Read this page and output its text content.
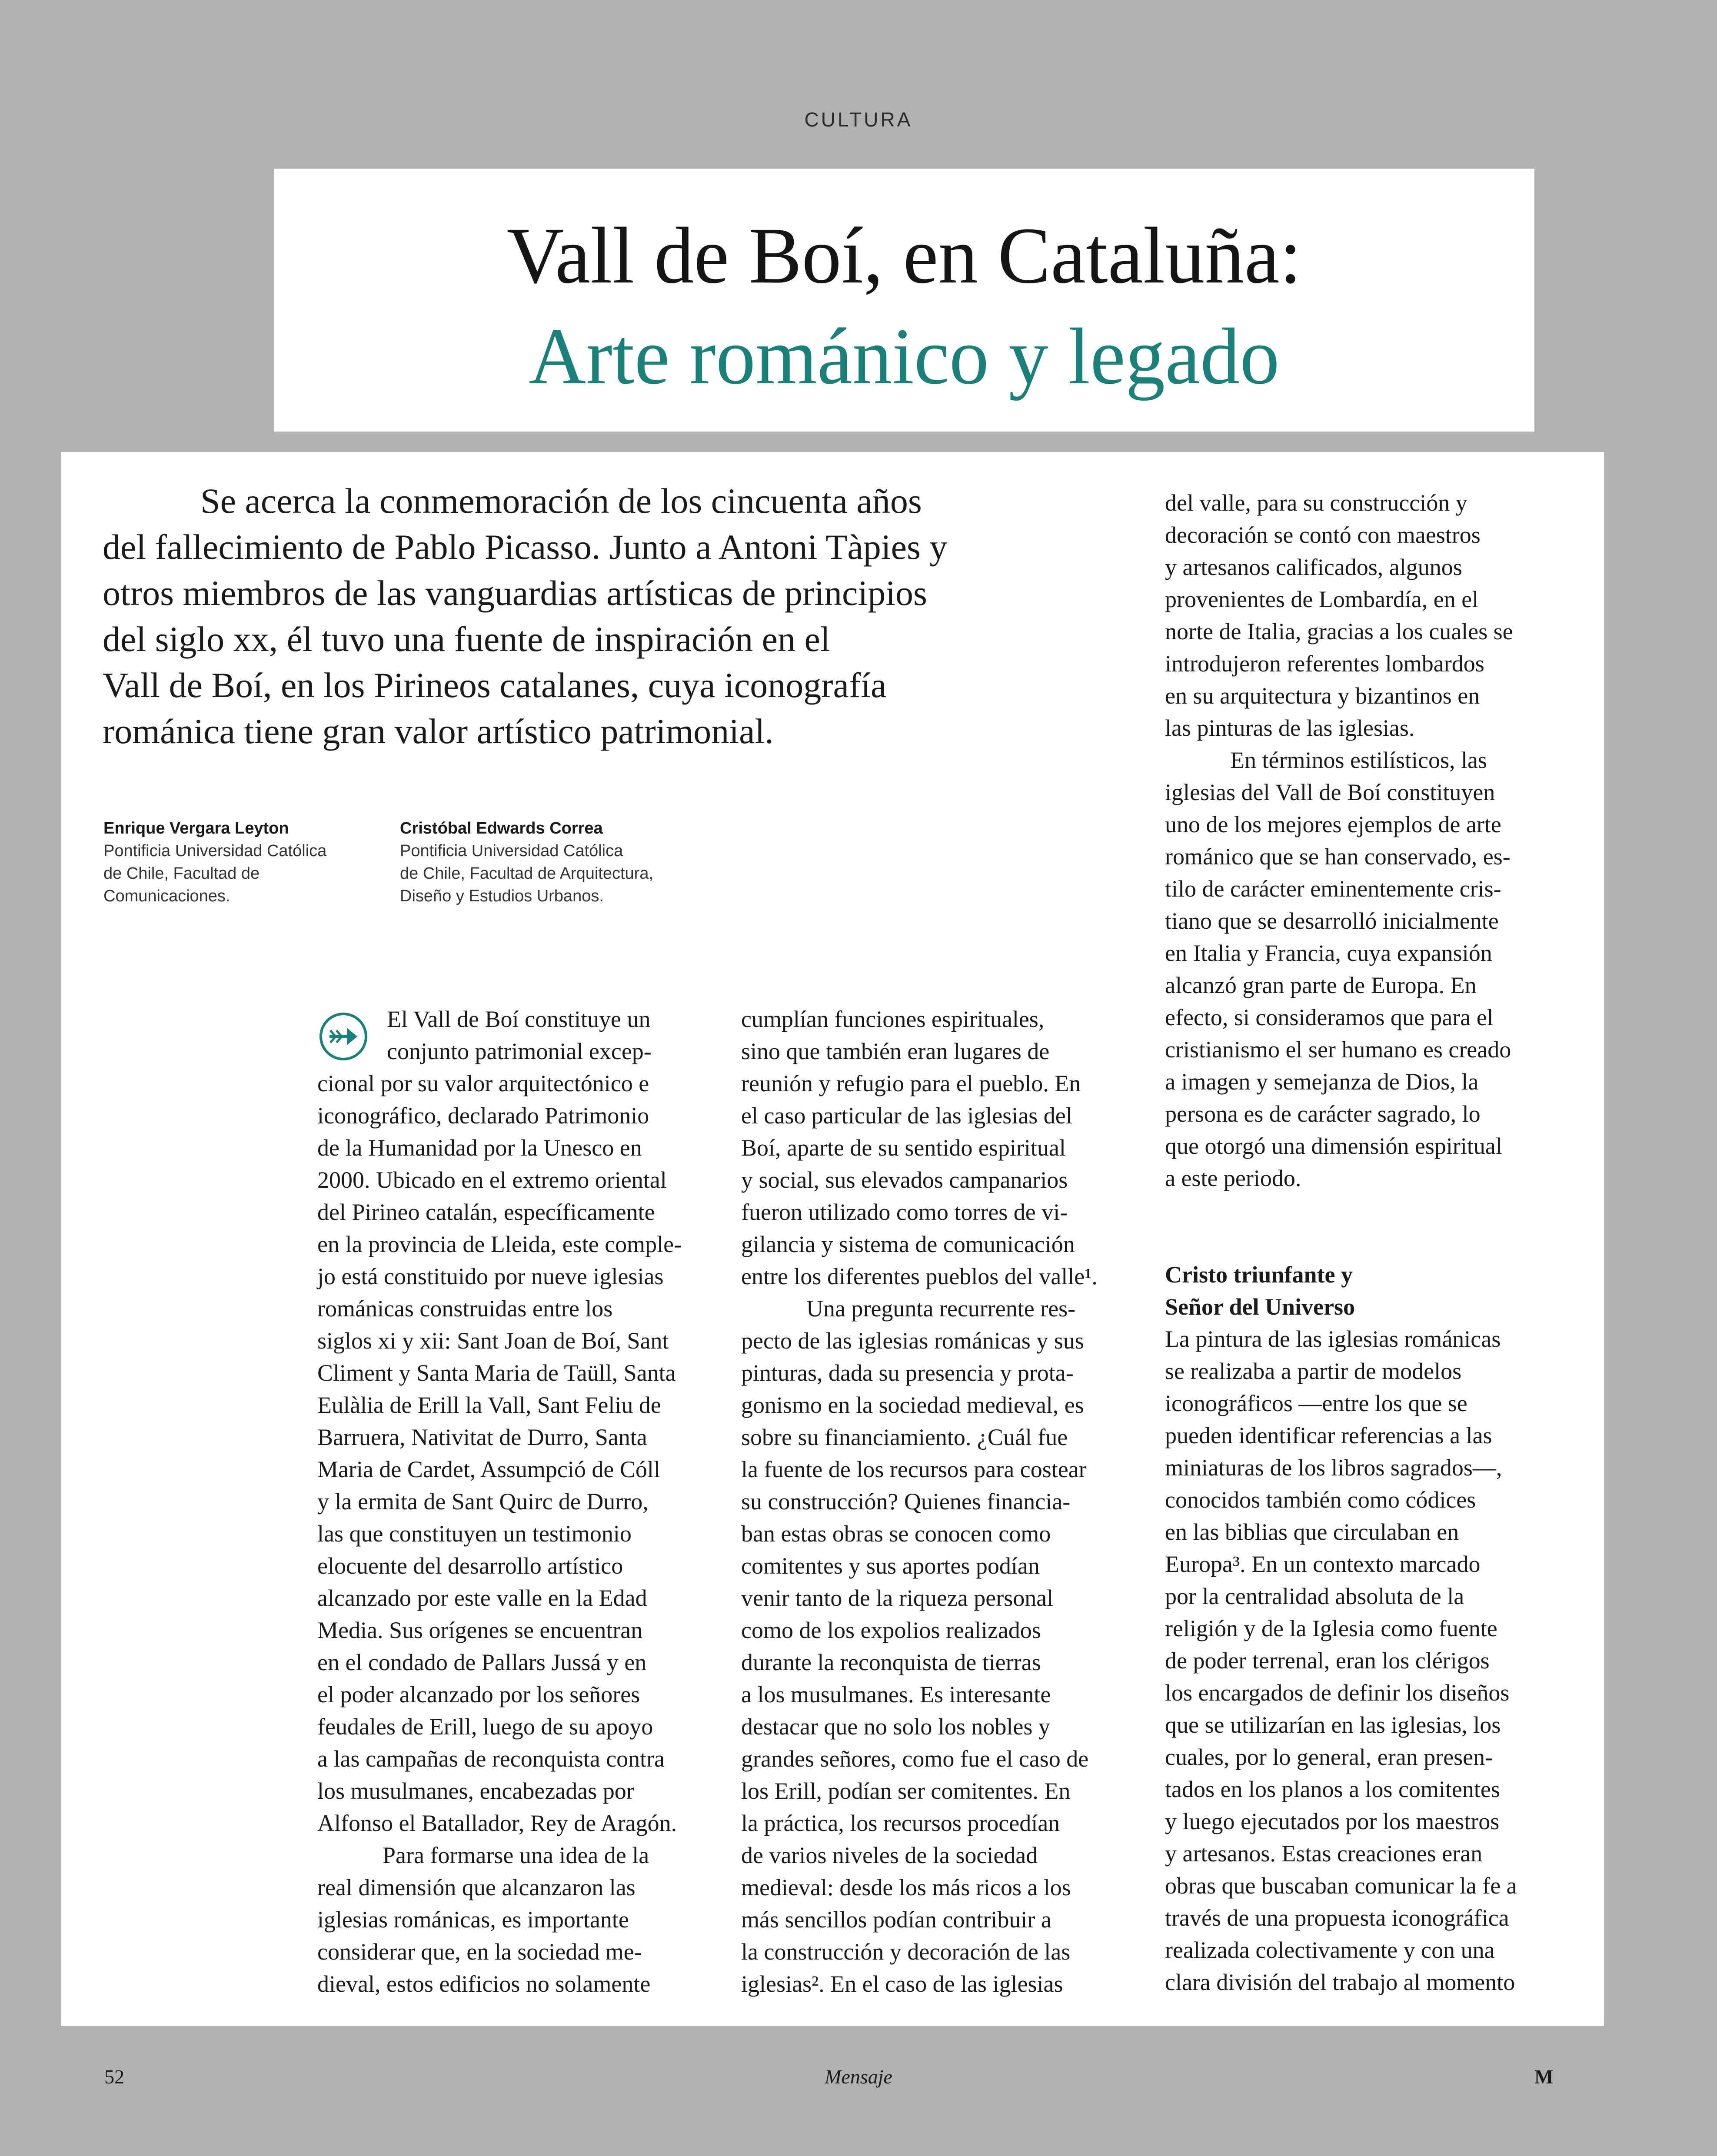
CULTURA
Vall de Boí, en Cataluña:
Arte románico y legado
Se acerca la conmemoración de los cincuenta años
del fallecimiento de Pablo Picasso. Junto a Antoni Tàpies y
otros miembros de las vanguardias artísticas de principios
del siglo xx, él tuvo una fuente de inspiración en el
Vall de Boí, en los Pirineos catalanes, cuya iconografía
románica tiene gran valor artístico patrimonial.
Enrique Vergara Leyton
Pontificia Universidad Católica
de Chile, Facultad de
Comunicaciones.
Cristóbal Edwards Correa
Pontificia Universidad Católica
de Chile, Facultad de Arquitectura,
Diseño y Estudios Urbanos.
El Vall de Boí constituye un
conjunto patrimonial excep-
cional por su valor arquitectónico e
iconográfico, declarado Patrimonio
de la Humanidad por la Unesco en
2000. Ubicado en el extremo oriental
del Pirineo catalán, específicamente
en la provincia de Lleida, este comple-
jo está constituido por nueve iglesias
románicas construidas entre los
siglos xi y xii: Sant Joan de Boí, Sant
Climent y Santa Maria de Taüll, Santa
Eulàlia de Erill la Vall, Sant Feliu de
Barruera, Nativitat de Durro, Santa
Maria de Cardet, Assumpció de Cóll
y la ermita de Sant Quirc de Durro,
las que constituyen un testimonio
elocuente del desarrollo artístico
alcanzado por este valle en la Edad
Media. Sus orígenes se encuentran
en el condado de Pallars Jussá y en
el poder alcanzado por los señores
feudales de Erill, luego de su apoyo
a las campañas de reconquista contra
los musulmanes, encabezadas por
Alfonso el Batallador, Rey de Aragón.
Para formarse una idea de la
real dimensión que alcanzaron las
iglesias románicas, es importante
considerar que, en la sociedad me-
dieval, estos edificios no solamente
cumplían funciones espirituales,
sino que también eran lugares de
reunión y refugio para el pueblo. En
el caso particular de las iglesias del
Boí, aparte de su sentido espiritual
y social, sus elevados campanarios
fueron utilizado como torres de vi-
gilancia y sistema de comunicación
entre los diferentes pueblos del valle¹.
Una pregunta recurrente res-
pecto de las iglesias románicas y sus
pinturas, dada su presencia y prota-
gonismo en la sociedad medieval, es
sobre su financiamiento. ¿Cuál fue
la fuente de los recursos para costear
su construcción? Quienes financia-
ban estas obras se conocen como
comitentes y sus aportes podían
venir tanto de la riqueza personal
como de los expolios realizados
durante la reconquista de tierras
a los musulmanes. Es interesante
destacar que no solo los nobles y
grandes señores, como fue el caso de
los Erill, podían ser comitentes. En
la práctica, los recursos procedían
de varios niveles de la sociedad
medieval: desde los más ricos a los
más sencillos podían contribuir a
la construcción y decoración de las
iglesias². En el caso de las iglesias
del valle, para su construcción y
decoración se contó con maestros
y artesanos calificados, algunos
provenientes de Lombardía, en el
norte de Italia, gracias a los cuales se
introdujeron referentes lombardos
en su arquitectura y bizantinos en
las pinturas de las iglesias.
En términos estilísticos, las
iglesias del Vall de Boí constituyen
uno de los mejores ejemplos de arte
románico que se han conservado, es-
tilo de carácter eminentemente cris-
tiano que se desarrolló inicialmente
en Italia y Francia, cuya expansión
alcanzó gran parte de Europa. En
efecto, si consideramos que para el
cristianismo el ser humano es creado
a imagen y semejanza de Dios, la
persona es de carácter sagrado, lo
que otorgó una dimensión espiritual
a este periodo.
Cristo triunfante y
Señor del Universo
La pintura de las iglesias románicas
se realizaba a partir de modelos
iconográficos —entre los que se
pueden identificar referencias a las
miniaturas de los libros sagrados—,
conocidos también como códices
en las biblias que circulaban en
Europa³. En un contexto marcado
por la centralidad absoluta de la
religión y de la Iglesia como fuente
de poder terrenal, eran los clérigos
los encargados de definir los diseños
que se utilizarían en las iglesias, los
cuales, por lo general, eran presen-
tados en los planos a los comitentes
y luego ejecutados por los maestros
y artesanos. Estas creaciones eran
obras que buscaban comunicar la fe a
través de una propuesta iconográfica
realizada colectivamente y con una
clara división del trabajo al momento
52	Mensaje	M
